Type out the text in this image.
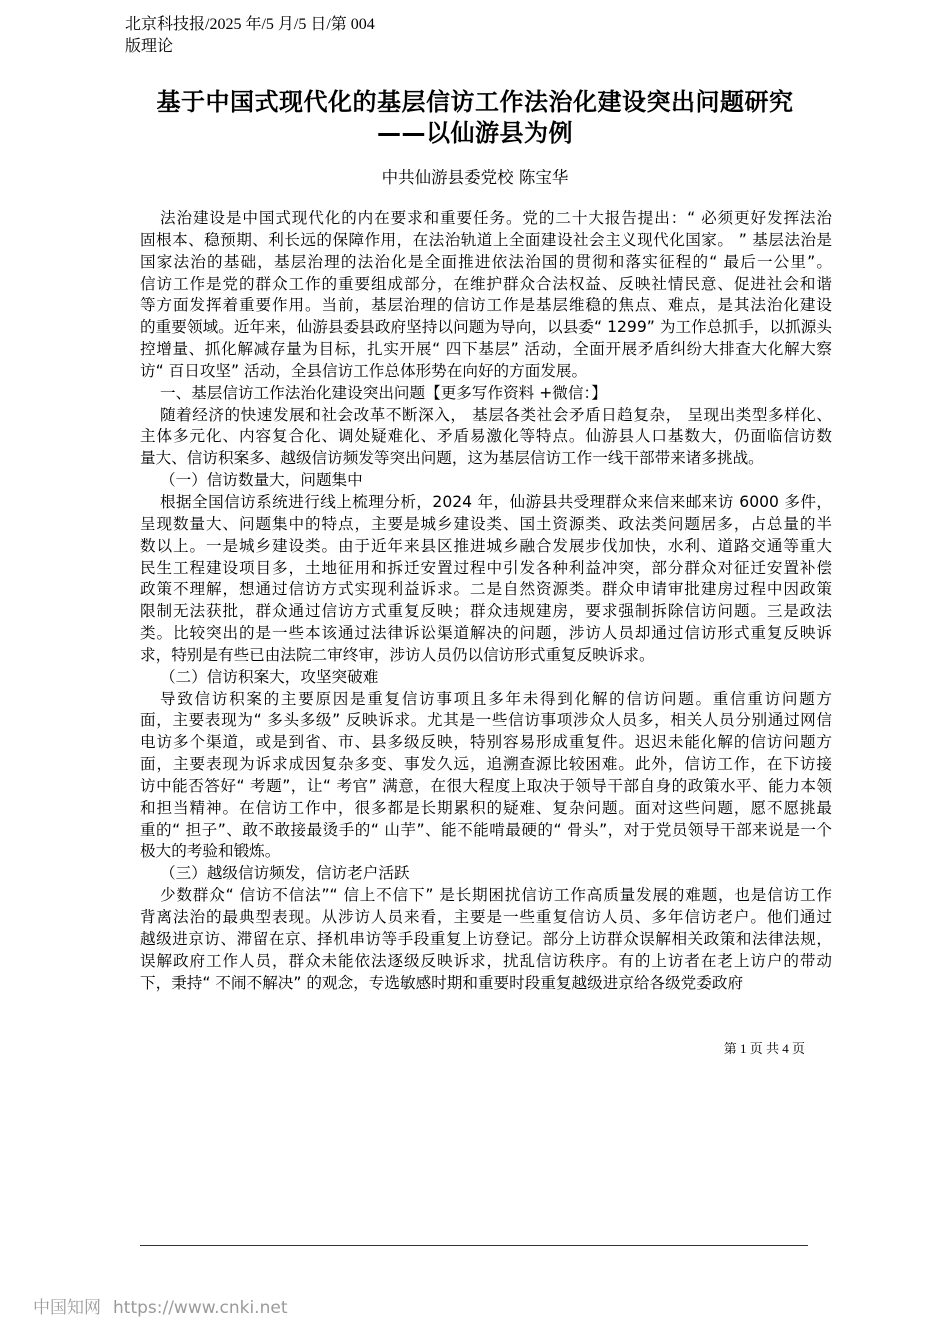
北京科技报/2025 年/5 月/5 日/第 004
版理论
基于中国式现代化的基层信访工作法治化建设突出问题研究
——以仙游县为例
中共仙游县委党校 陈宝华
法治建设是中国式现代化的内在要求和重要任务。党的二十大报告提出：“ 必须更好发挥法治
固根本、稳预期、利长远的保障作用，在法治轨道上全面建设社会主义现代化国家。 ” 基层法治是
国家法治的基础，基层治理的法治化是全面推进依法治国的贯彻和落实征程的“ 最后一公里”。
信访工作是党的群众工作的重要组成部分，在维护群众合法权益、反映社情民意、促进社会和谐
等方面发挥着重要作用。当前，基层治理的信访工作是基层维稳的焦点、难点，是其法治化建设
的重要领域。近年来，仙游县委县政府坚持以问题为导向，以县委“ 1299” 为工作总抓手，以抓源头
控增量、抓化解减存量为目标，扎实开展“ 四下基层” 活动，全面开展矛盾纠纷大排查大化解大察
访“ 百日攻坚” 活动，全县信访工作总体形势在向好的方面发展。
一、基层信访工作法治化建设突出问题【更多写作资料 +微信：】
随着经济的快速发展和社会改革不断深入， 基层各类社会矛盾日趋复杂， 呈现出类型多样化、
主体多元化、内容复合化、调处疑难化、矛盾易激化等特点。仙游县人口基数大，仍面临信访数
量大、信访积案多、越级信访频发等突出问题，这为基层信访工作一线干部带来诸多挑战。
（一）信访数量大，问题集中
根据全国信访系统进行线上梳理分析，2024 年，仙游县共受理群众来信来邮来访 6000 多件，
呈现数量大、问题集中的特点，主要是城乡建设类、国土资源类、政法类问题居多，占总量的半
数以上。一是城乡建设类。由于近年来县区推进城乡融合发展步伐加快，水利、道路交通等重大
民生工程建设项目多，土地征用和拆迁安置过程中引发各种利益冲突，部分群众对征迁安置补偿
政策不理解，想通过信访方式实现利益诉求。二是自然资源类。群众申请审批建房过程中因政策
限制无法获批，群众通过信访方式重复反映；群众违规建房，要求强制拆除信访问题。三是政法
类。比较突出的是一些本该通过法律诉讼渠道解决的问题，涉访人员却通过信访形式重复反映诉
求，特别是有些已由法院二审终审，涉访人员仍以信访形式重复反映诉求。
（二）信访积案大，攻坚突破难
导致信访积案的主要原因是重复信访事项且多年未得到化解的信访问题。重信重访问题方
面，主要表现为“ 多头多级” 反映诉求。尤其是一些信访事项涉众人员多，相关人员分别通过网信
电访多个渠道，或是到省、市、县多级反映，特别容易形成重复件。迟迟未能化解的信访问题方
面，主要表现为诉求成因复杂多变、事发久远，追溯查源比较困难。此外，信访工作，在下访接
访中能否答好“ 考题”，让“ 考官” 满意，在很大程度上取决于领导干部自身的政策水平、能力本领
和担当精神。在信访工作中，很多都是长期累积的疑难、复杂问题。面对这些问题，愿不愿挑最
重的“ 担子”、敢不敢接最烫手的“ 山芋”、能不能啃最硬的“ 骨头”，对于党员领导干部来说是一个
极大的考验和锻炼。
（三）越级信访频发，信访老户活跃
少数群众“ 信访不信法”“ 信上不信下” 是长期困扰信访工作高质量发展的难题，也是信访工作
背离法治的最典型表现。从涉访人员来看，主要是一些重复信访人员、多年信访老户。他们通过
越级进京访、滞留在京、择机串访等手段重复上访登记。部分上访群众误解相关政策和法律法规，
误解政府工作人员，群众未能依法逐级反映诉求，扰乱信访秩序。有的上访者在老上访户的带动
下，秉持“ 不闹不解决” 的观念，专选敏感时期和重要时段重复越级进京给各级党委政府
第 1 页 共 4 页
中国知网 https://www.cnki.net
